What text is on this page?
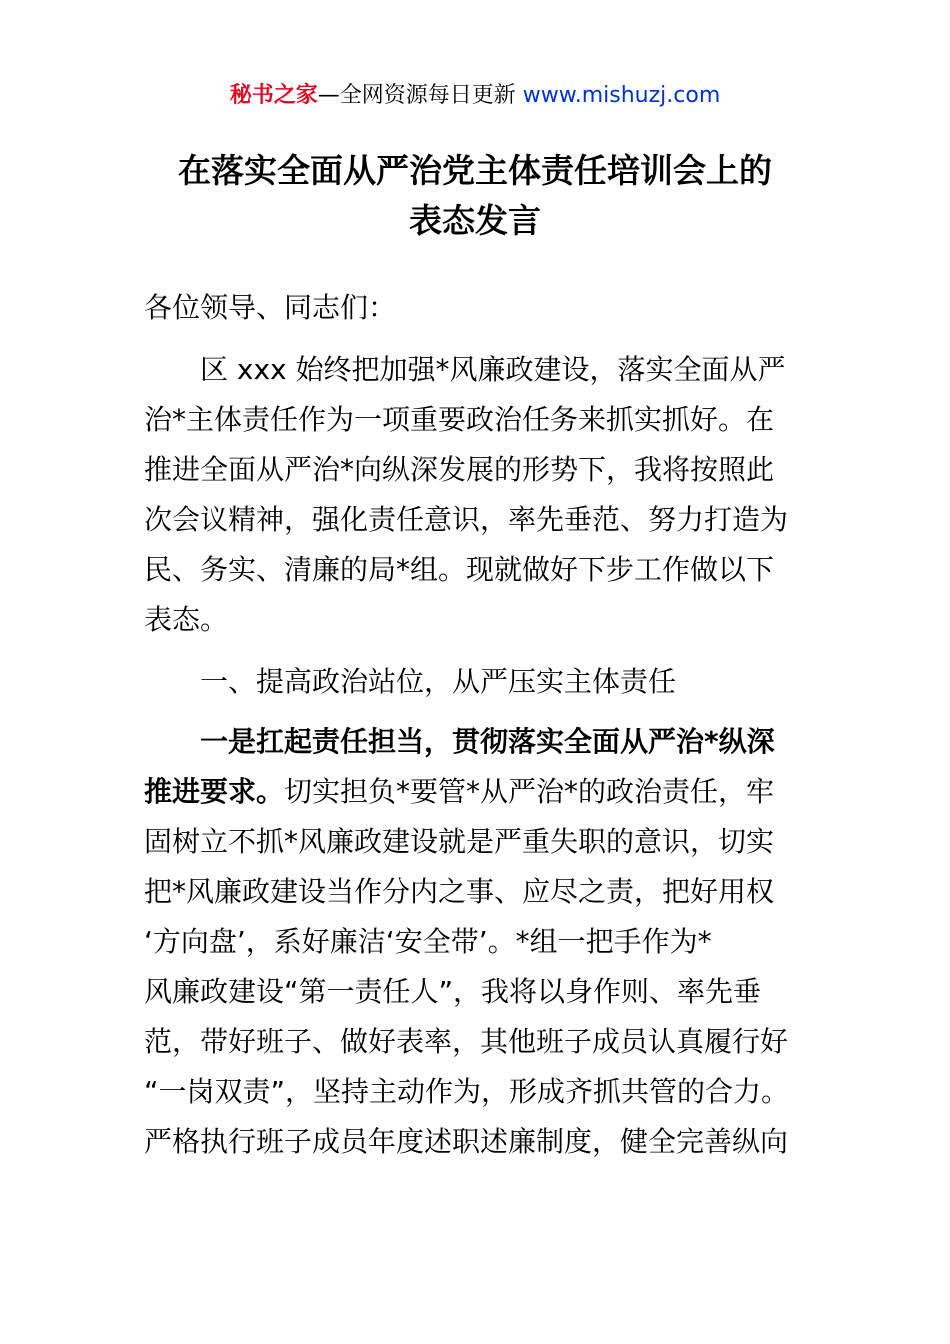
秘书之家—全网资源每日更新 www.mishuzj.com
在落实全面从严治党主体责任培训会上的
表态发言
各位领导、同志们：
区 xxx 始终把加强*风廉政建设，落实全面从严
治*主体责任作为一项重要政治任务来抓实抓好。在
推进全面从严治*向纵深发展的形势下，我将按照此
次会议精神，强化责任意识，率先垂范、努力打造为
民、务实、清廉的局*组。现就做好下步工作做以下
表态。
一、提高政治站位，从严压实主体责任
一是扛起责任担当，贯彻落实全面从严治*纵深
推进要求。切实担负*要管*从严治*的政治责任，牢
固树立不抓*风廉政建设就是严重失职的意识，切实
把*风廉政建设当作分内之事、应尽之责，把好用权
‘方向盘’，系好廉洁‘安全带’。*组一把手作为*
风廉政建设“第一责任人”，我将以身作则、率先垂
范，带好班子、做好表率，其他班子成员认真履行好
“一岗双责”，坚持主动作为，形成齐抓共管的合力。
严格执行班子成员年度述职述廉制度，健全完善纵向
